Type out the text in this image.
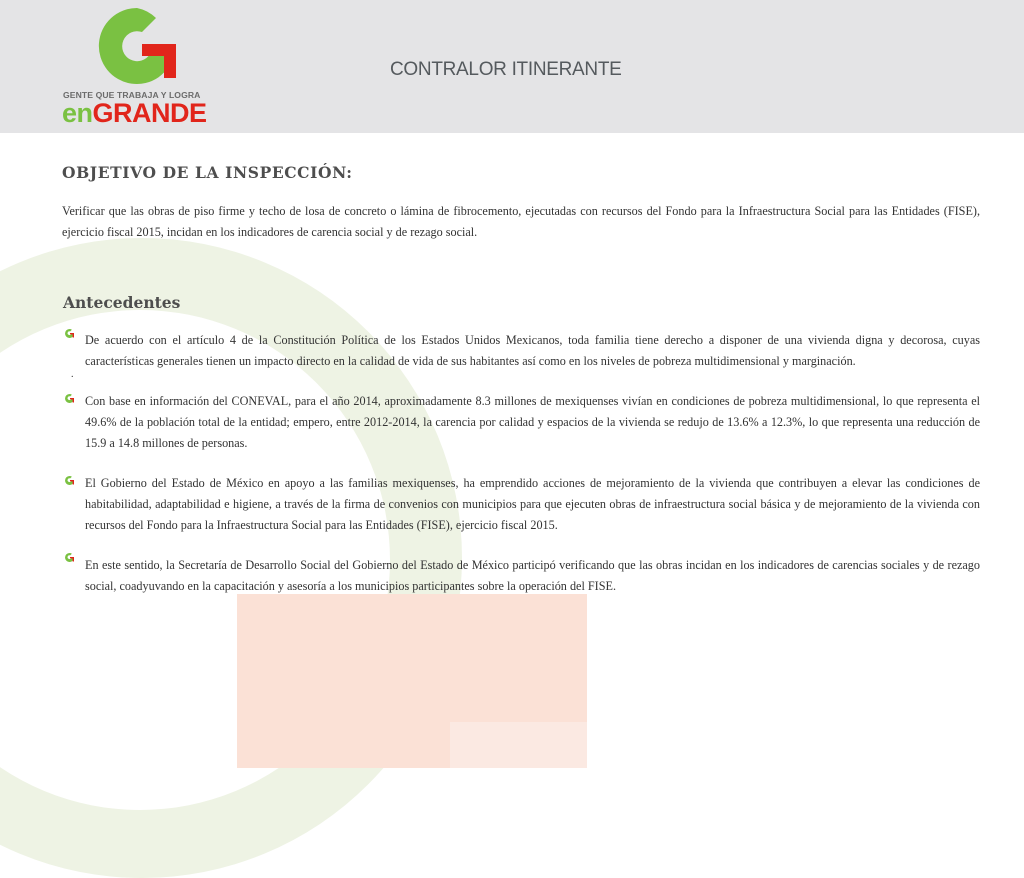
GENTE QUE TRABAJA Y LOGRA
enGRANDE
CONTRALOR ITINERANTE
OBJETIVO DE LA INSPECCIÓN:
Verificar que las obras de piso firme y techo de losa de concreto o lámina de fibrocemento, ejecutadas con recursos del Fondo para la Infraestructura Social para las Entidades (FISE), ejercicio fiscal 2015, incidan en los indicadores de carencia social y de rezago social.
Antecedentes
De acuerdo con el artículo 4 de la Constitución Política de los Estados Unidos Mexicanos, toda familia tiene derecho a disponer de una vivienda digna y decorosa, cuyas características generales tienen un impacto directo en la calidad de vida de sus habitantes así como en los niveles de pobreza multidimensional y marginación.
.
Con base en información del CONEVAL, para el año 2014, aproximadamente 8.3 millones de mexiquenses vivían en condiciones de pobreza multidimensional, lo que representa el 49.6% de la población total de la entidad; empero, entre 2012-2014, la carencia por calidad y espacios de la vivienda se redujo de 13.6% a 12.3%, lo que representa una reducción de 15.9 a 14.8 millones de personas.
El Gobierno del Estado de México en apoyo a las familias mexiquenses, ha emprendido acciones de mejoramiento de la vivienda que contribuyen a elevar las condiciones de habitabilidad, adaptabilidad e higiene, a través de la firma de convenios con municipios para que ejecuten obras de infraestructura social básica y de mejoramiento de la vivienda con recursos del Fondo para la Infraestructura Social para las Entidades (FISE), ejercicio fiscal 2015.
En este sentido, la Secretaría de Desarrollo Social del Gobierno del Estado de México participó verificando que las obras incidan en los indicadores de carencias sociales y de rezago social, coadyuvando en la capacitación y asesoría a los municipios participantes sobre la operación del FISE.
